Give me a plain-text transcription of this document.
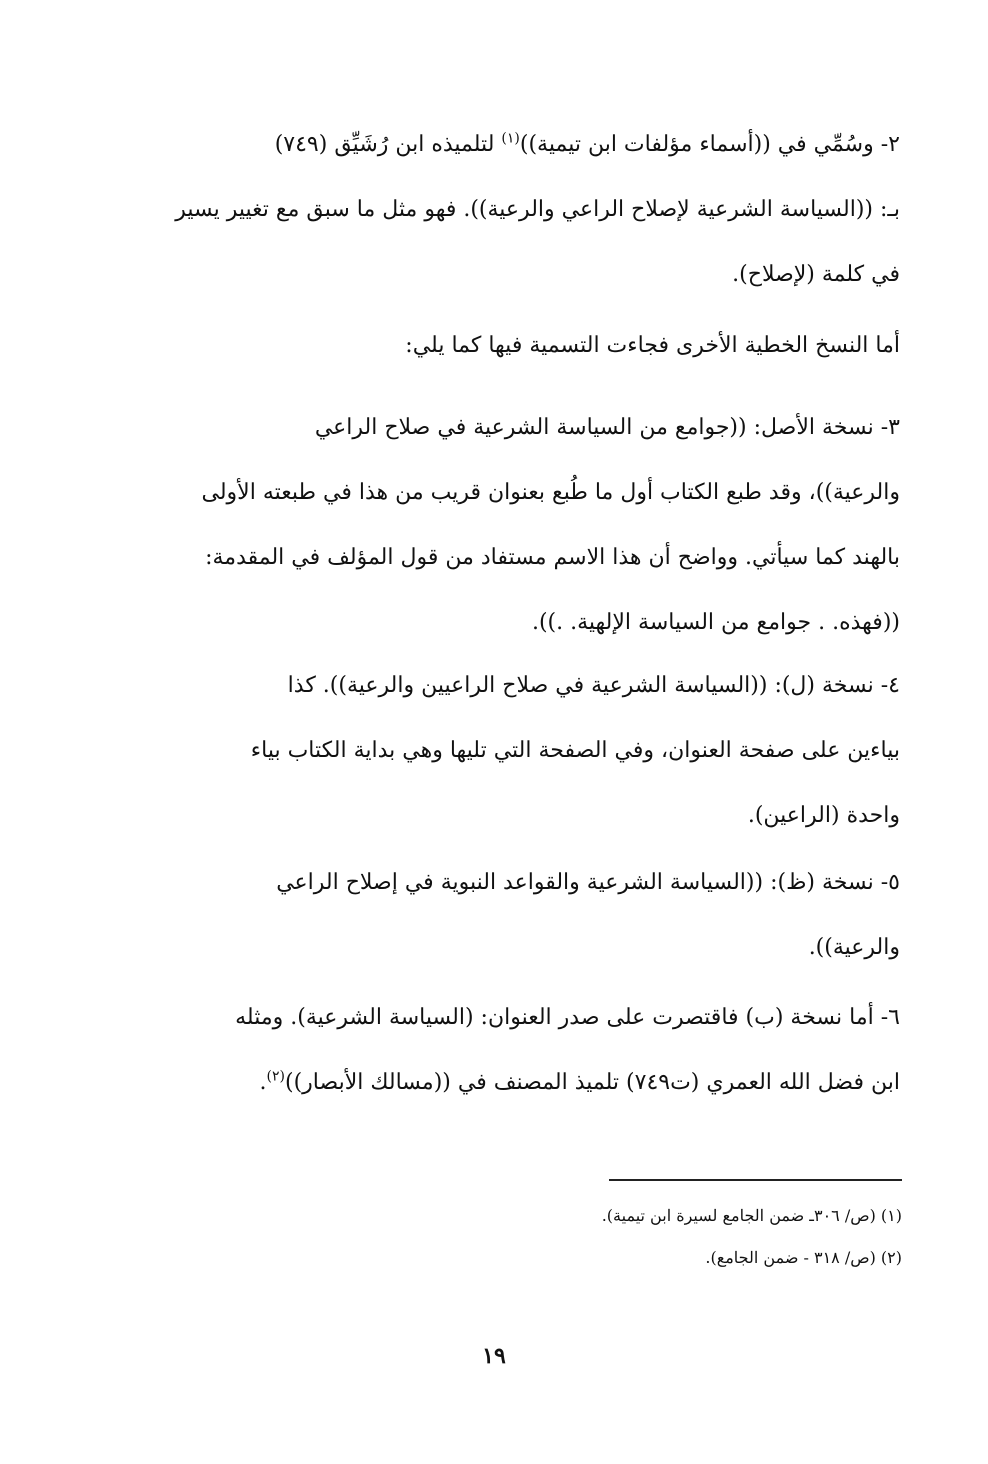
٢- وسُمِّي في ((أسماء مؤلفات ابن تيمية))$^{(١)}$ لتلميذه ابن رُشَيِّق (٧٤٩)
بـ: ((السياسة الشرعية لإصلاح الراعي والرعية)). فهو مثل ما سبق مع تغيير يسير
في كلمة (لإصلاح).
أما النسخ الخطية الأخرى فجاءت التسمية فيها كما يلي:
٣- نسخة الأصل: ((جوامع من السياسة الشرعية في صلاح الراعي
والرعية))، وقد طبع الكتاب أول ما طُبع بعنوان قريب من هذا في طبعته الأولى
بالهند كما سيأتي. وواضح أن هذا الاسم مستفاد من قول المؤلف في المقدمة:
((فهذه. . جوامع من السياسة الإلهية. .)).
٤- نسخة (ل): ((السياسة الشرعية في صلاح الراعيين والرعية)). كذا
بياءين على صفحة العنوان، وفي الصفحة التي تليها وهي بداية الكتاب بياء
واحدة (الراعين).
٥- نسخة (ظ): ((السياسة الشرعية والقواعد النبوية في إصلاح الراعي
والرعية)).
٦- أما نسخة (ب) فاقتصرت على صدر العنوان: (السياسة الشرعية). ومثله
ابن فضل الله العمري (ت٧٤٩) تلميذ المصنف في ((مسالك الأبصار))$^{(٢)}$.
(١) (ص/ ٣٠٦ـ ضمن الجامع لسيرة ابن تيمية).
(٢) (ص/ ٣١٨ - ضمن الجامع).
١٩
